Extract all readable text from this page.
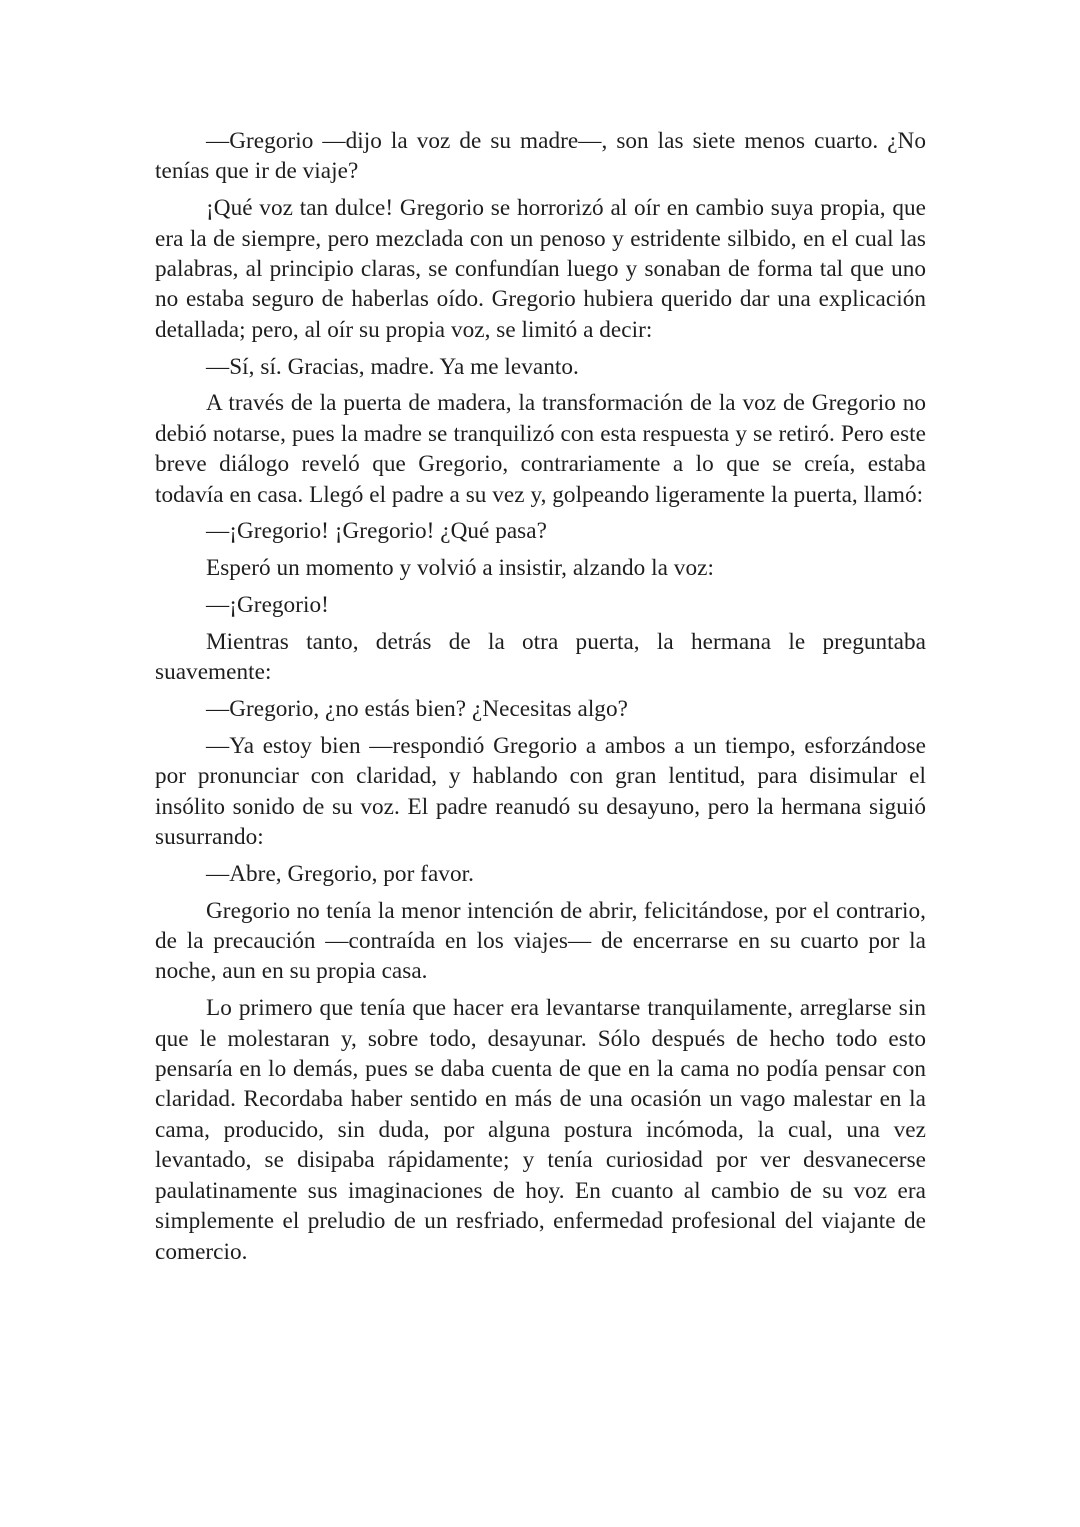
—Gregorio —dijo la voz de su madre—, son las siete menos cuarto. ¿No tenías que ir de viaje?

¡Qué voz tan dulce! Gregorio se horrorizó al oír en cambio suya propia, que era la de siempre, pero mezclada con un penoso y estridente silbido, en el cual las palabras, al principio claras, se confundían luego y sonaban de forma tal que uno no estaba seguro de haberlas oído. Gregorio hubiera querido dar una explicación detallada; pero, al oír su propia voz, se limitó a decir:

—Sí, sí. Gracias, madre. Ya me levanto.

A través de la puerta de madera, la transformación de la voz de Gregorio no debió notarse, pues la madre se tranquilizó con esta respuesta y se retiró. Pero este breve diálogo reveló que Gregorio, contrariamente a lo que se creía, estaba todavía en casa. Llegó el padre a su vez y, golpeando ligeramente la puerta, llamó:

—¡Gregorio! ¡Gregorio! ¿Qué pasa?

Esperó un momento y volvió a insistir, alzando la voz:

—¡Gregorio!

Mientras tanto, detrás de la otra puerta, la hermana le preguntaba suavemente:

—Gregorio, ¿no estás bien? ¿Necesitas algo?

—Ya estoy bien —respondió Gregorio a ambos a un tiempo, esforzándose por pronunciar con claridad, y hablando con gran lentitud, para disimular el insólito sonido de su voz. El padre reanudó su desayuno, pero la hermana siguió susurrando:

—Abre, Gregorio, por favor.

Gregorio no tenía la menor intención de abrir, felicitándose, por el contrario, de la precaución —contraída en los viajes— de encerrarse en su cuarto por la noche, aun en su propia casa.

Lo primero que tenía que hacer era levantarse tranquilamente, arreglarse sin que le molestaran y, sobre todo, desayunar. Sólo después de hecho todo esto pensaría en lo demás, pues se daba cuenta de que en la cama no podía pensar con claridad. Recordaba haber sentido en más de una ocasión un vago malestar en la cama, producido, sin duda, por alguna postura incómoda, la cual, una vez levantado, se disipaba rápidamente; y tenía curiosidad por ver desvanecerse paulatinamente sus imaginaciones de hoy. En cuanto al cambio de su voz era simplemente el preludio de un resfriado, enfermedad profesional del viajante de comercio.
